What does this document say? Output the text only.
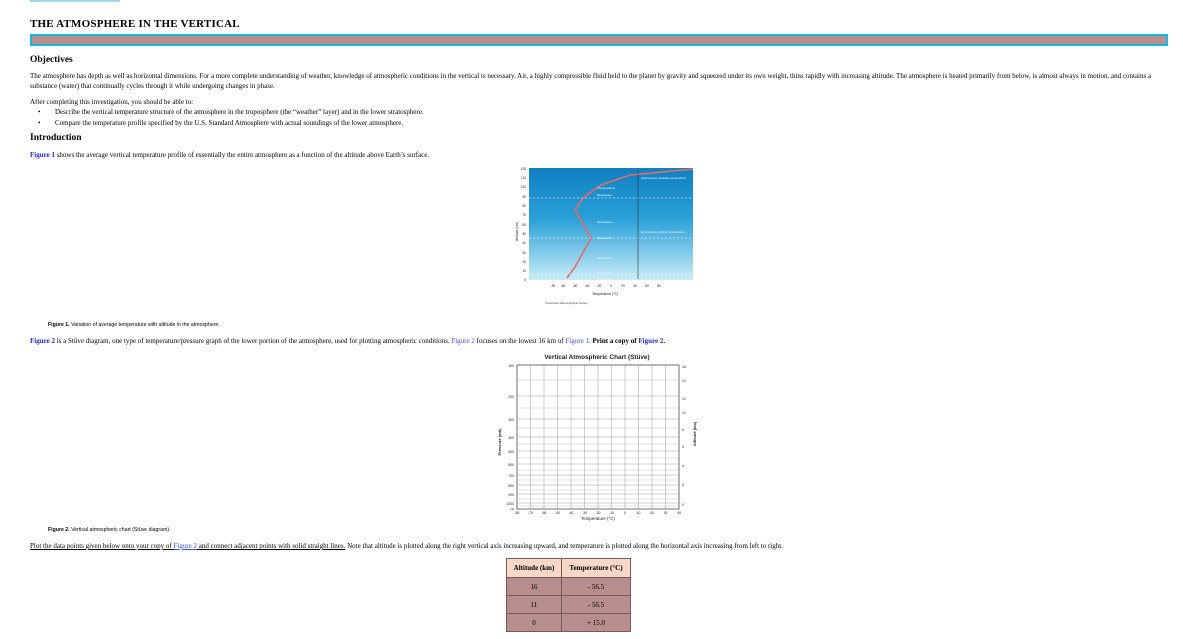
THE ATMOSPHERE IN THE VERTICAL
Objectives

The atmosphere has depth as well as horizontal dimensions. For a more complete understanding of weather, knowledge of atmospheric conditions in the vertical is necessary. Air, a highly compressible fluid held to the planet by gravity and squeezed under its own weight, thins rapidly with increasing altitude. The atmosphere is heated primarily from below, is almost always in motion, and contains a substance (water) that continually cycles through it while undergoing changes in phase.

After completing this investigation, you should be able to:

• Describe the vertical temperature structure of the atmosphere in the troposphere (the “weather” layer) and in the lower stratosphere.
• Compare the temperature profile specified by the U.S. Standard Atmosphere with actual soundings of the lower atmosphere.
Introduction

Figure 1 shows the average vertical temperature profile of essentially the entire atmosphere as a function of the altitude above Earth’s surface.

120
110
100
90
80
70
60
50
40
30
20
10
0
Altitude (km)
-90 -80 -60 -40 -20	0	20	40	60	80
Temperature (°C)
©American Meteorological Society
Thermosphere
Mesopause
Mesosphere
Stratopause
Stratosphere
Tropopause
Troposphere
Heterosphere (variable composition)
Homosphere (uniform composition)
Figure 1. Variation of average temperature with altitude in the atmosphere.

Figure 2 is a Stüve diagram, one type of temperature/pressure graph of the lower portion of the atmosphere, used for plotting atmospheric conditions. Figure 2 focuses on the lowest 16 km of Figure 1. Print a copy of Figure 2.

Vertical Atmospheric Chart (Stüve)
100
200
300
400
500
600
700
800
900
1000
mb
16
14
12
10
8
6
4
2
0
-80	-70	-60	-50	-40	-30	-20	-10	0	10	20	30	40
Temperature (°C)
Pressure (mb)	Altitude (km)
Figure 2. Vertical atmospheric chart (Stüve diagram).

Plot the data points given below onto your copy of Figure 2 and connect adjacent points with solid straight lines. Note that altitude is plotted along the right vertical axis increasing upward, and temperature is plotted along the horizontal axis increasing from left to right.

Altitude (km)	Temperature (°C)
16	- 56.5
11	- 56.5
0	+ 15.0
